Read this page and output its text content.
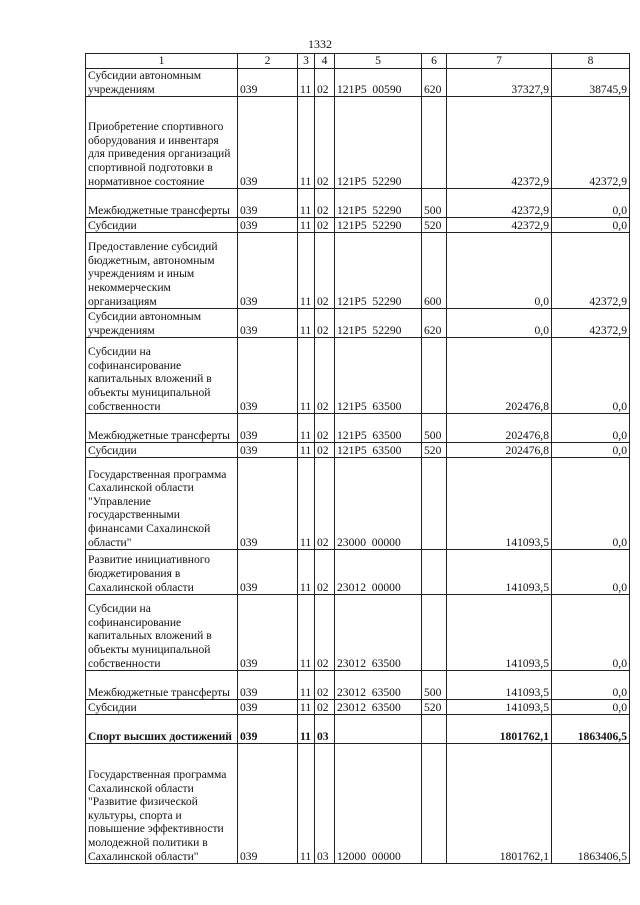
1332
1	2	3	4	5	6	7	8
Субсидии автономным учреждениям	039	11	02	121Р5  00590	620	37327,9	38745,9
Приобретение спортивного оборудования и инвентаря для приведения организаций спортивной подготовки в нормативное состояние	039	11	02	121Р5  52290		42372,9	42372,9
Межбюджетные трансферты	039	11	02	121Р5  52290	500	42372,9	0,0
Субсидии	039	11	02	121Р5  52290	520	42372,9	0,0
Предоставление субсидий бюджетным, автономным учреждениям и иным некоммерческим организациям	039	11	02	121Р5  52290	600	0,0	42372,9
Субсидии автономным учреждениям	039	11	02	121Р5  52290	620	0,0	42372,9
Субсидии на софинансирование капитальных вложений в объекты муниципальной собственности	039	11	02	121Р5  63500		202476,8	0,0
Межбюджетные трансферты	039	11	02	121Р5  63500	500	202476,8	0,0
Субсидии	039	11	02	121Р5  63500	520	202476,8	0,0
Государственная программа Сахалинской области "Управление государственными финансами Сахалинской области"	039	11	02	23000  00000		141093,5	0,0
Развитие инициативного бюджетирования в Сахалинской области	039	11	02	23012  00000		141093,5	0,0
Субсидии на софинансирование капитальных вложений в объекты муниципальной собственности	039	11	02	23012  63500		141093,5	0,0
Межбюджетные трансферты	039	11	02	23012  63500	500	141093,5	0,0
Субсидии	039	11	02	23012  63500	520	141093,5	0,0
Спорт высших достижений	039	11	03			1801762,1	1863406,5
Государственная программа Сахалинской области "Развитие физической культуры, спорта и повышение эффективности молодежной политики в Сахалинской области"	039	11	03	12000  00000		1801762,1	1863406,5
